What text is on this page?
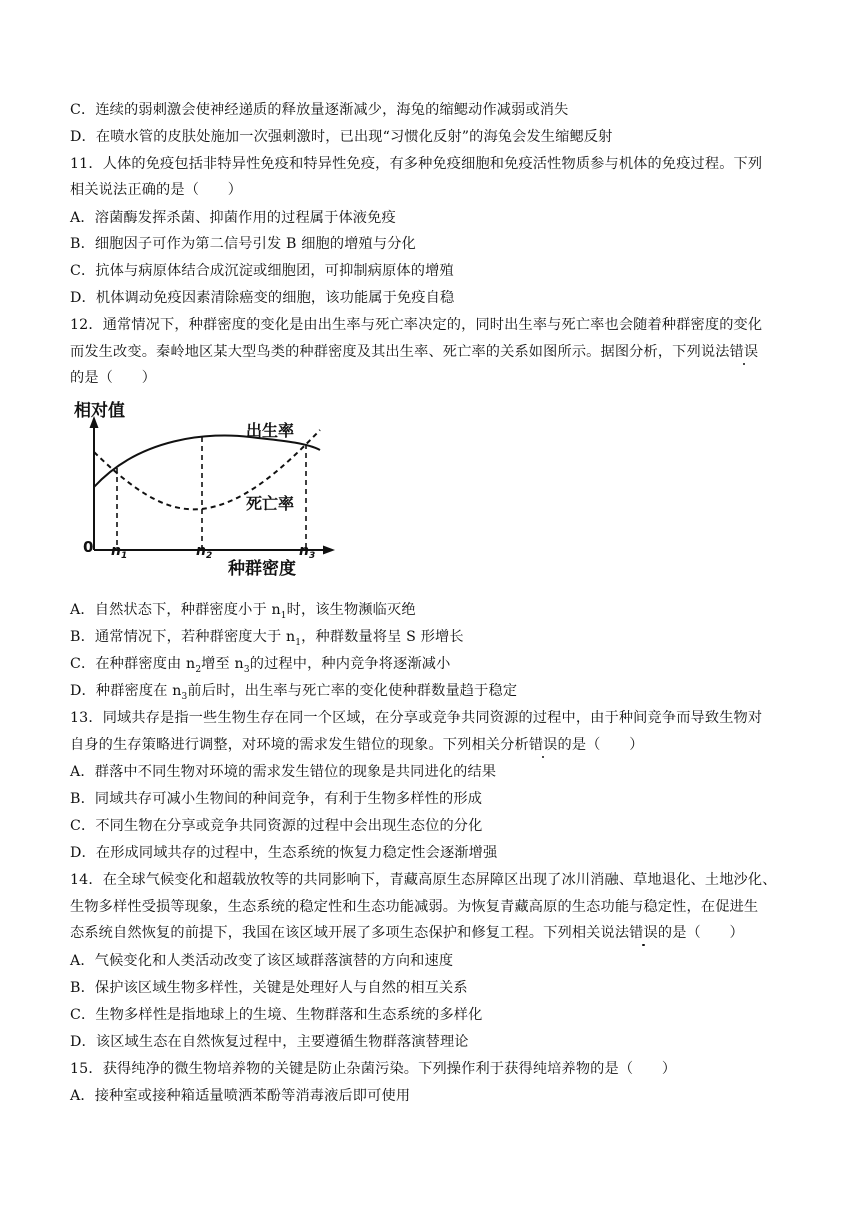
C．连续的弱刺激会使神经递质的释放量逐渐减少，海兔的缩鳃动作减弱或消失
D．在喷水管的皮肤处施加一次强刺激时，已出现“习惯化反射”的海兔会发生缩鳃反射
11．人体的免疫包括非特异性免疫和特异性免疫，有多种免疫细胞和免疫活性物质参与机体的免疫过程。下列
相关说法正确的是（　　）
A．溶菌酶发挥杀菌、抑菌作用的过程属于体液免疫
B．细胞因子可作为第二信号引发 B 细胞的增殖与分化
C．抗体与病原体结合成沉淀或细胞团，可抑制病原体的增殖
D．机体调动免疫因素清除癌变的细胞，该功能属于免疫自稳
12．通常情况下，种群密度的变化是由出生率与死亡率决定的，同时出生率与死亡率也会随着种群密度的变化
而发生改变。秦岭地区某大型鸟类的种群密度及其出生率、死亡率的关系如图所示。据图分析，下列说法错误
的是（　　）
相对值
出生率
死亡率
0
种群密度
$n_1$	$n_2$	$n_3$
A．自然状态下，种群密度小于 $n_1$时，该生物濒临灭绝
B．通常情况下，若种群密度大于 $n_1$，种群数量将呈 S 形增长
C．在种群密度由 $n_2$增至 $n_3$的过程中，种内竞争将逐渐减小
D．种群密度在 $n_3$前后时，出生率与死亡率的变化使种群数量趋于稳定
13．同域共存是指一些生物生存在同一个区域，在分享或竞争共同资源的过程中，由于种间竞争而导致生物对
自身的生存策略进行调整，对环境的需求发生错位的现象。下列相关分析错误的是（　　）
A．群落中不同生物对环境的需求发生错位的现象是共同进化的结果
B．同域共存可减小生物间的种间竞争，有利于生物多样性的形成
C．不同生物在分享或竞争共同资源的过程中会出现生态位的分化
D．在形成同域共存的过程中，生态系统的恢复力稳定性会逐渐增强
14．在全球气候变化和超载放牧等的共同影响下，青藏高原生态屏障区出现了冰川消融、草地退化、土地沙化、
生物多样性受损等现象，生态系统的稳定性和生态功能减弱。为恢复青藏高原的生态功能与稳定性，在促进生
态系统自然恢复的前提下，我国在该区域开展了多项生态保护和修复工程。下列相关说法错误的是（　　）
A．气候变化和人类活动改变了该区域群落演替的方向和速度
B．保护该区域生物多样性，关键是处理好人与自然的相互关系
C．生物多样性是指地球上的生境、生物群落和生态系统的多样化
D．该区域生态在自然恢复过程中，主要遵循生物群落演替理论
15．获得纯净的微生物培养物的关键是防止杂菌污染。下列操作利于获得纯培养物的是（　　）
A．接种室或接种箱适量喷洒苯酚等消毒液后即可使用
